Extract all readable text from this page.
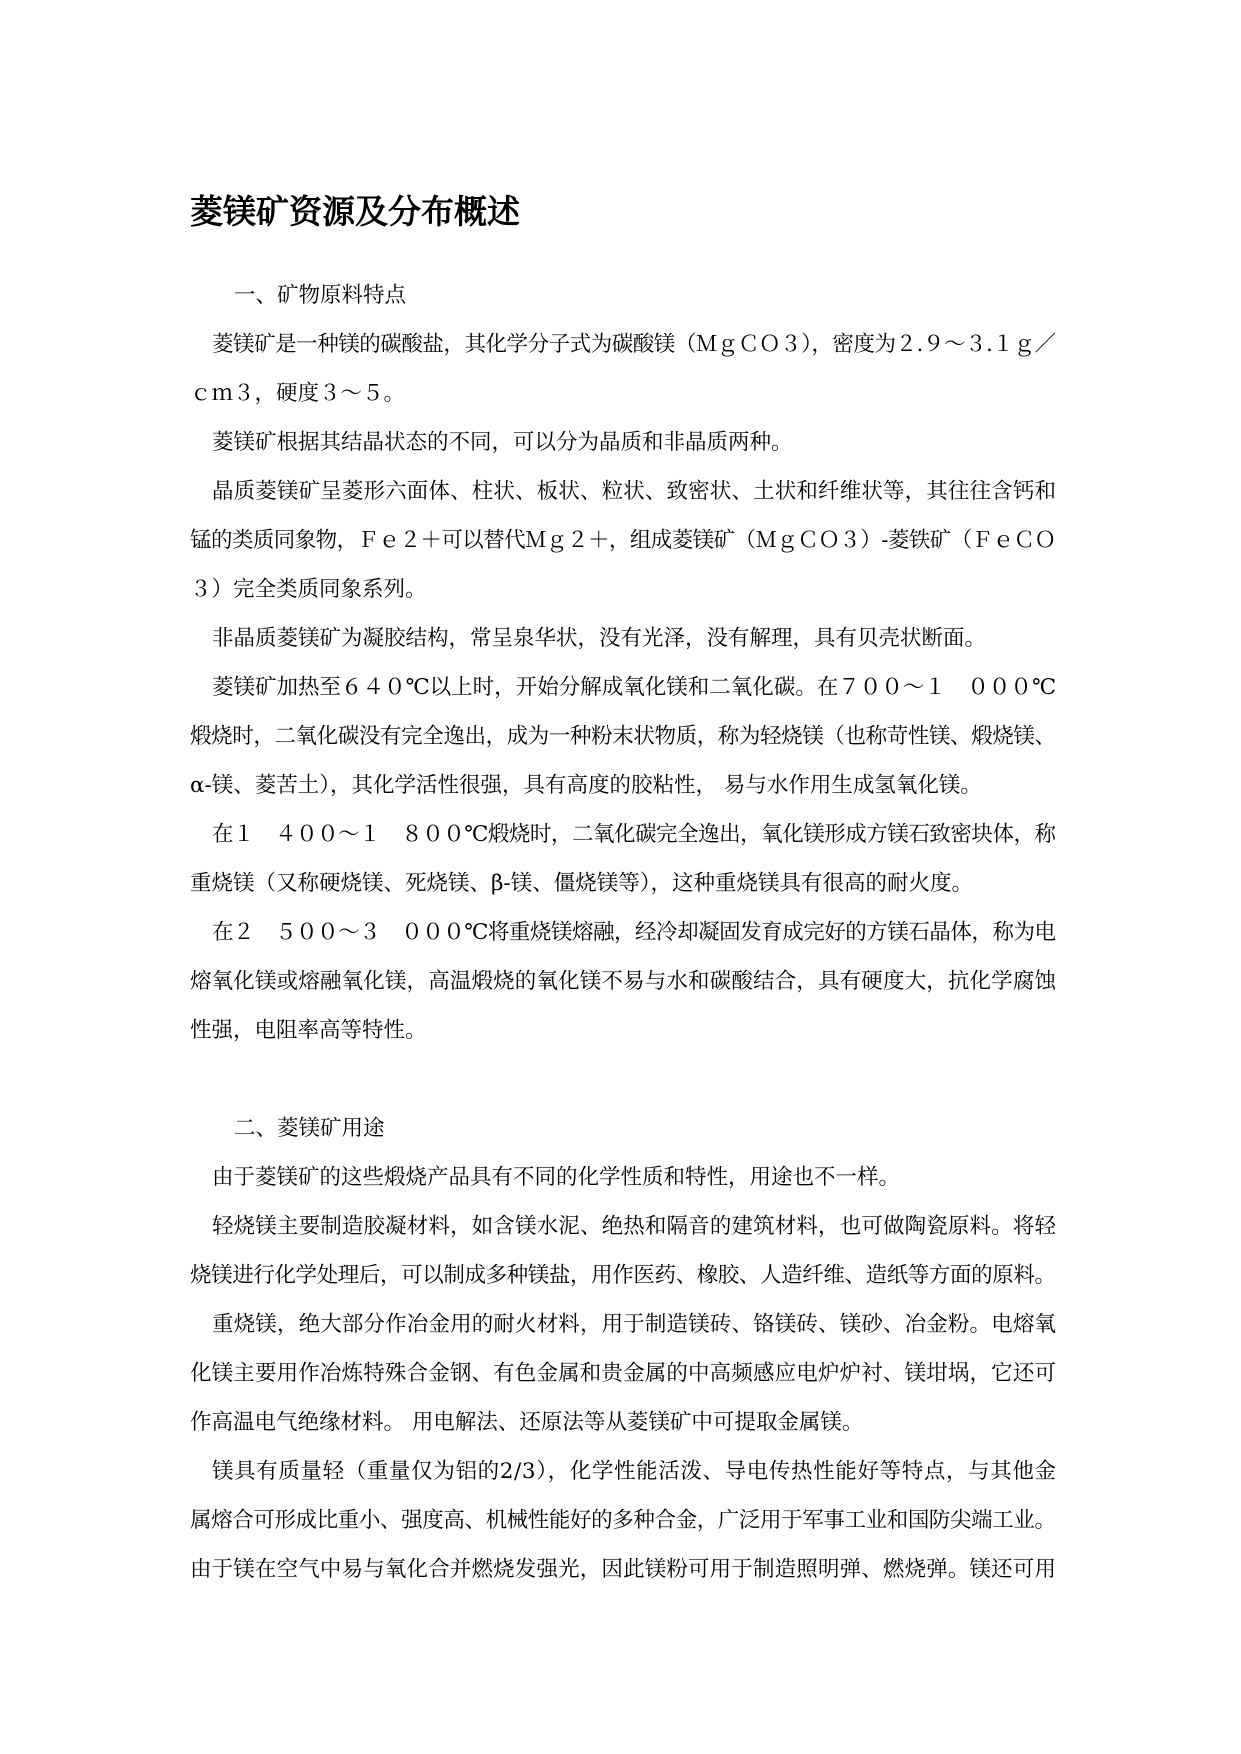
菱镁矿资源及分布概述
一、矿物原料特点
菱镁矿是一种镁的碳酸盐，其化学分子式为碳酸镁（ＭｇＣＯ３），密度为２.９～３.１ｇ／
ｃｍ３，硬度３～５。
菱镁矿根据其结晶状态的不同，可以分为晶质和非晶质两种。
晶质菱镁矿呈菱形六面体、柱状、板状、粒状、致密状、土状和纤维状等，其往往含钙和
锰的类质同象物，Ｆｅ２＋可以替代Ｍｇ２＋，组成菱镁矿（ＭｇＣＯ３）-菱铁矿（ＦｅＣＯ
３）完全类质同象系列。
非晶质菱镁矿为凝胶结构，常呈泉华状，没有光泽，没有解理，具有贝壳状断面。
菱镁矿加热至６４０℃以上时，开始分解成氧化镁和二氧化碳。在７００～１　０００℃
煅烧时，二氧化碳没有完全逸出，成为一种粉末状物质，称为轻烧镁（也称苛性镁、煅烧镁、
α-镁、菱苦土），其化学活性很强，具有高度的胶粘性， 易与水作用生成氢氧化镁。
在１　４００～１　８００℃煅烧时，二氧化碳完全逸出，氧化镁形成方镁石致密块体，称
重烧镁（又称硬烧镁、死烧镁、β-镁、僵烧镁等），这种重烧镁具有很高的耐火度。
在２　５００～３　０００℃将重烧镁熔融，经冷却凝固发育成完好的方镁石晶体，称为电
熔氧化镁或熔融氧化镁，高温煅烧的氧化镁不易与水和碳酸结合，具有硬度大，抗化学腐蚀
性强，电阻率高等特性。
二、菱镁矿用途
由于菱镁矿的这些煅烧产品具有不同的化学性质和特性，用途也不一样。
轻烧镁主要制造胶凝材料，如含镁水泥、绝热和隔音的建筑材料，也可做陶瓷原料。将轻
烧镁进行化学处理后，可以制成多种镁盐，用作医药、橡胶、人造纤维、造纸等方面的原料。
重烧镁，绝大部分作冶金用的耐火材料，用于制造镁砖、铬镁砖、镁砂、冶金粉。电熔氧
化镁主要用作冶炼特殊合金钢、有色金属和贵金属的中高频感应电炉炉衬、镁坩埚，它还可
作高温电气绝缘材料。 用电解法、还原法等从菱镁矿中可提取金属镁。
镁具有质量轻（重量仅为铝的2/3），化学性能活泼、导电传热性能好等特点，与其他金
属熔合可形成比重小、强度高、机械性能好的多种合金，广泛用于军事工业和国防尖端工业。
由于镁在空气中易与氧化合并燃烧发强光，因此镁粉可用于制造照明弹、燃烧弹。镁还可用
